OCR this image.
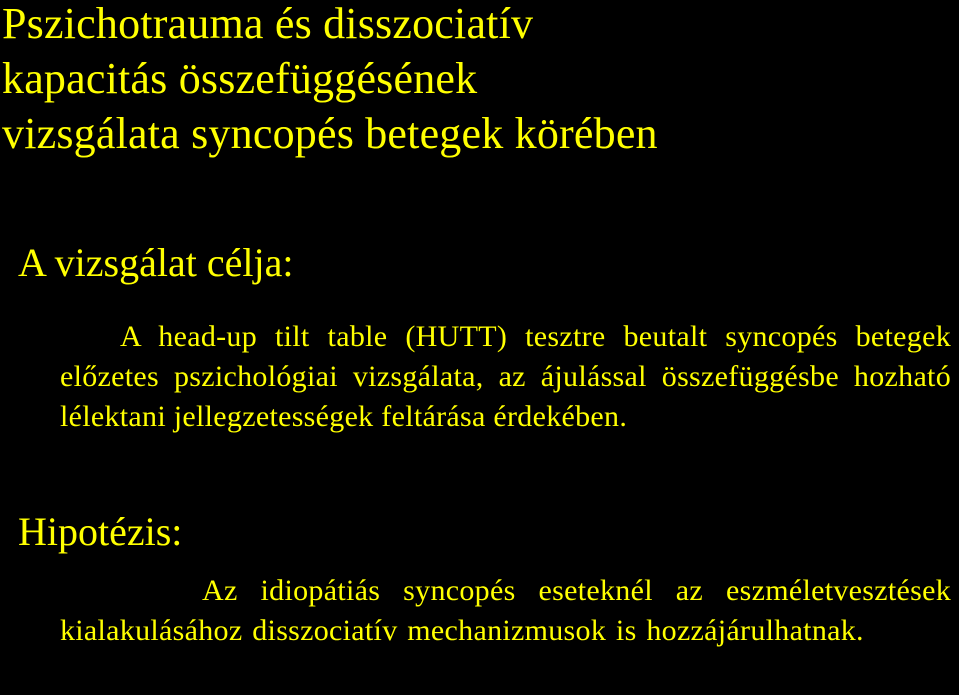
Pszichotrauma és disszociatív
kapacitás összefüggésének
vizsgálata syncopés betegek körében
A vizsgálat célja:

A head-up tilt table (HUTT) tesztre beutalt syncopés betegek előzetes pszichológiai vizsgálata, az ájulással összefüggésbe hozható lélektani jellegzetességek feltárása érdekében.

Hipotézis:

Az idiopátiás syncopés eseteknél az eszméletvesztések kialakulásához disszociatív mechanizmusok is hozzájárulhatnak.
